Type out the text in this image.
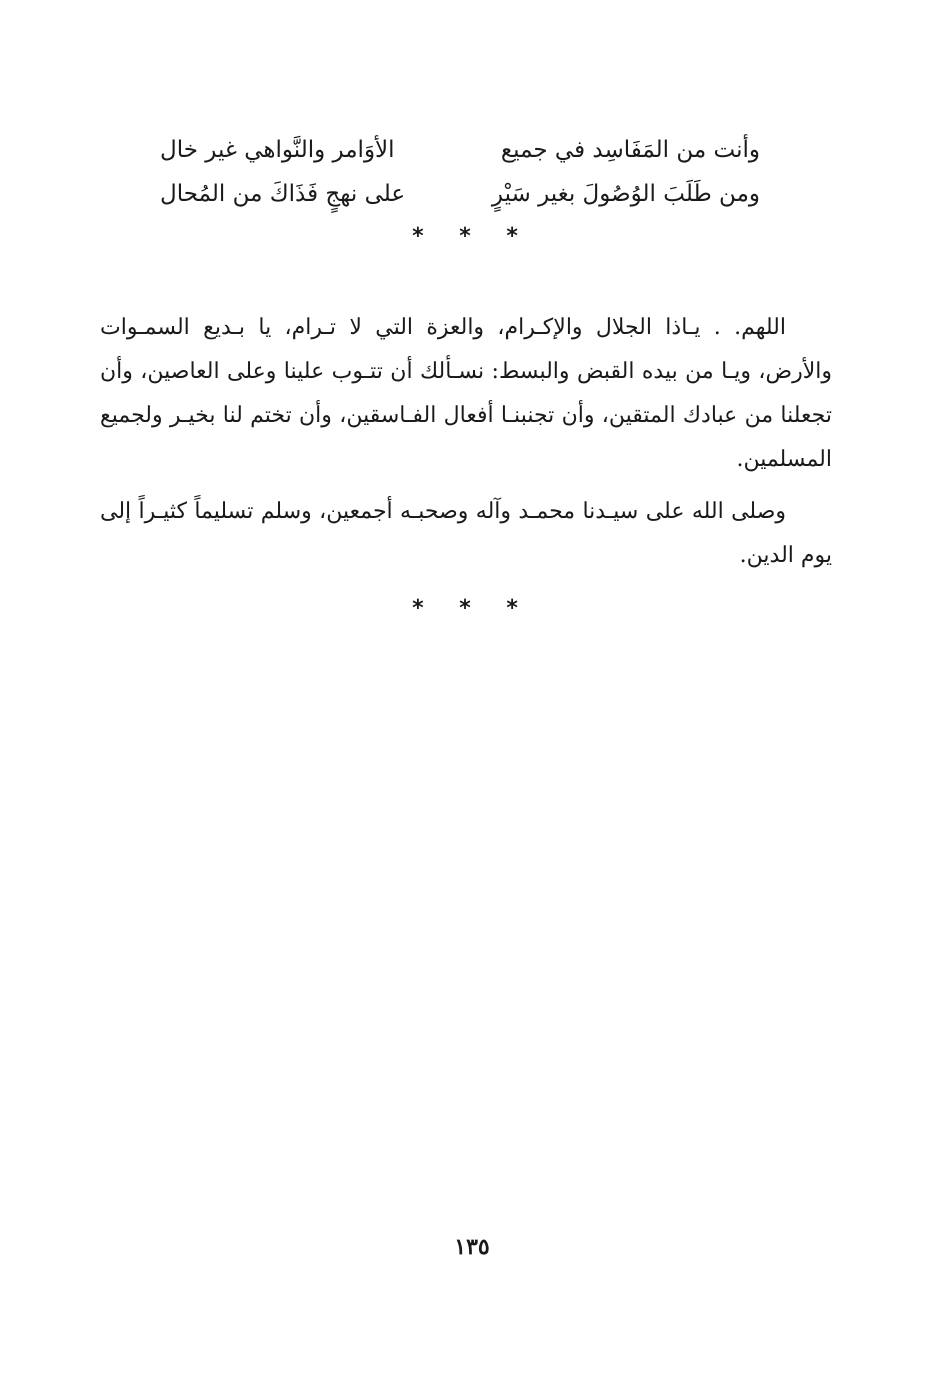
وأنت من المَفَاسِد في جميع
الأوَامر والنَّواهي غير خال
ومن طَلَبَ الوُصُولَ بغير سَيْرٍ
على نهجٍ فَذَاكَ من المُحال
* * *
اللهم. . يـاذا الجلال والإكـرام، والعزة التي لا تـرام، يا بـديع السمـوات والأرض، ويـا من بيده القبض والبسط: نسـألك أن تتـوب علينا وعلى العاصين، وأن تجعلنا من عبادك المتقين، وأن تجنبنـا أفعال الفـاسقين، وأن تختم لنا بخيـر ولجميع المسلمين.
وصلى الله على سيـدنا محمـد وآله وصحبـه أجمعين، وسلم تسليماً كثيـراً إلى يوم الدين.
* * *
١٣٥
